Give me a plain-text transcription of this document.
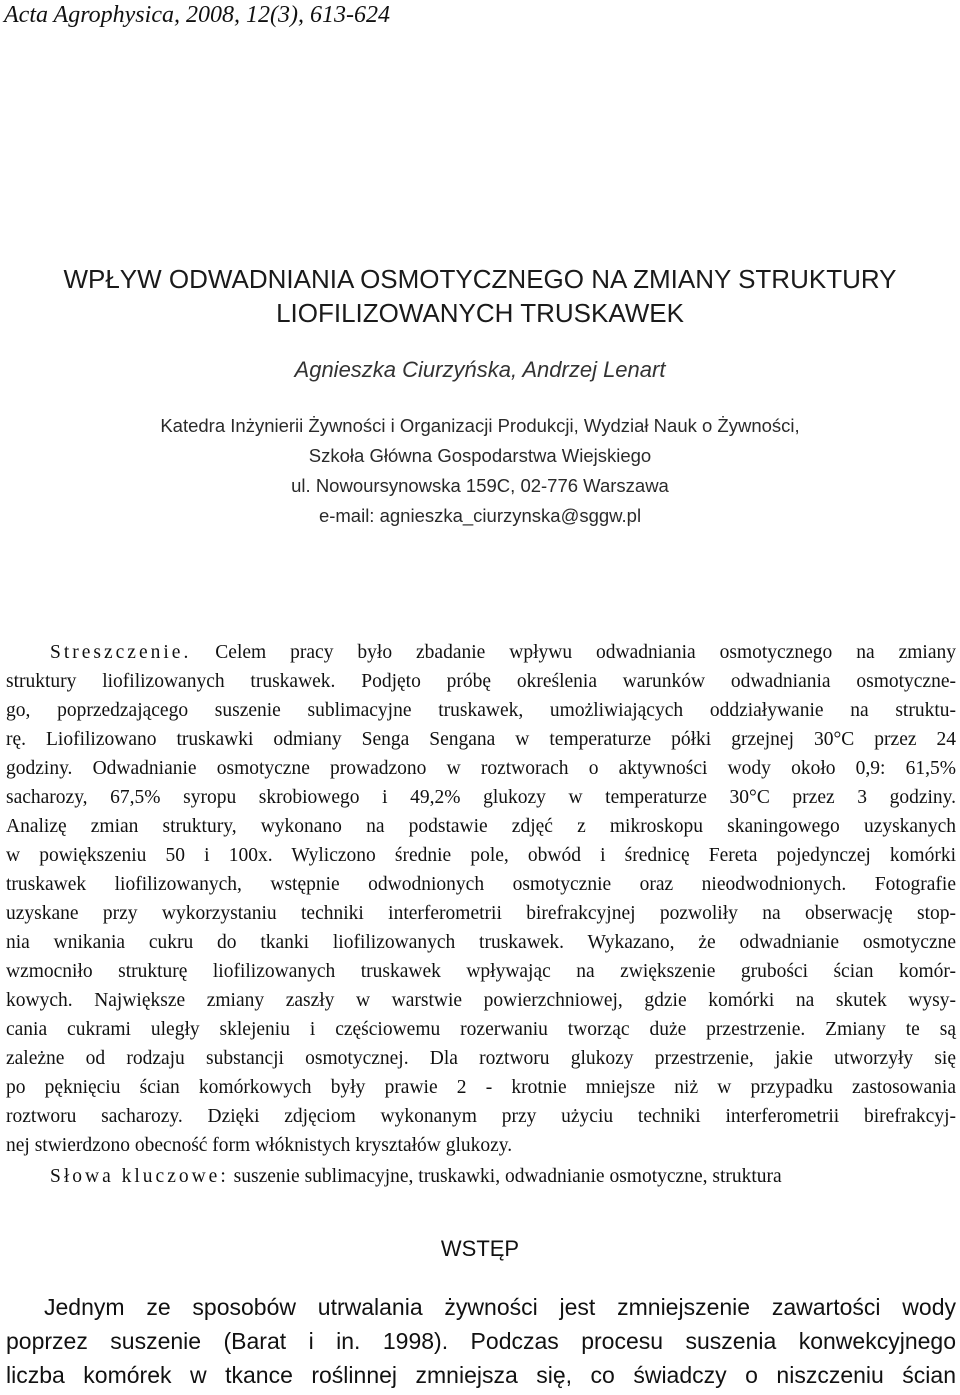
Acta Agrophysica, 2008, 12(3), 613-624
WPŁYW ODWADNIANIA OSMOTYCZNEGO NA ZMIANY STRUKTURY
LIOFILIZOWANYCH TRUSKAWEK
Agnieszka Ciurzyńska, Andrzej Lenart
Katedra Inżynierii Żywności i Organizacji Produkcji, Wydział Nauk o Żywności,
Szkoła Główna Gospodarstwa Wiejskiego
ul. Nowoursynowska 159C, 02-776 Warszawa
e-mail: agnieszka_ciurzynska@sggw.pl
Streszczenie. Celem pracy było zbadanie wpływu odwadniania osmotycznego na zmiany
struktury liofilizowanych truskawek. Podjęto próbę określenia warunków odwadniania osmotyczne-
go, poprzedzającego suszenie sublimacyjne truskawek, umożliwiających oddziaływanie na struktu-
rę. Liofilizowano truskawki odmiany Senga Sengana w temperaturze półki grzejnej 30°C przez 24
godziny. Odwadnianie osmotyczne prowadzono w roztworach o aktywności wody około 0,9: 61,5%
sacharozy, 67,5% syropu skrobiowego i 49,2% glukozy w temperaturze 30°C przez 3 godziny.
Analizę zmian struktury, wykonano na podstawie zdjęć z mikroskopu skaningowego uzyskanych
w powiększeniu 50 i 100x. Wyliczono średnie pole, obwód i średnicę Fereta pojedynczej komórki
truskawek liofilizowanych, wstępnie odwodnionych osmotycznie oraz nieodwodnionych. Fotografie
uzyskane przy wykorzystaniu techniki interferometrii birefrakcyjnej pozwoliły na obserwację stop-
nia wnikania cukru do tkanki liofilizowanych truskawek. Wykazano, że odwadnianie osmotyczne
wzmocniło strukturę liofilizowanych truskawek wpływając na zwiększenie grubości ścian komór-
kowych. Największe zmiany zaszły w warstwie powierzchniowej, gdzie komórki na skutek wysy-
cania cukrami uległy sklejeniu i częściowemu rozerwaniu tworząc duże przestrzenie. Zmiany te są
zależne od rodzaju substancji osmotycznej. Dla roztworu glukozy przestrzenie, jakie utworzyły się
po pęknięciu ścian komórkowych były prawie 2 - krotnie mniejsze niż w przypadku zastosowania
roztworu sacharozy. Dzięki zdjęciom wykonanym przy użyciu techniki interferometrii birefrakcyj-
nej stwierdzono obecność form włóknistych kryształów glukozy.
Słowa kluczowe: suszenie sublimacyjne, truskawki, odwadnianie osmotyczne, struktura
WSTĘP
Jednym ze sposobów utrwalania żywności jest zmniejszenie zawartości wody
poprzez suszenie (Barat i in. 1998). Podczas procesu suszenia konwekcyjnego
liczba komórek w tkance roślinnej zmniejsza się, co świadczy o niszczeniu ścian
